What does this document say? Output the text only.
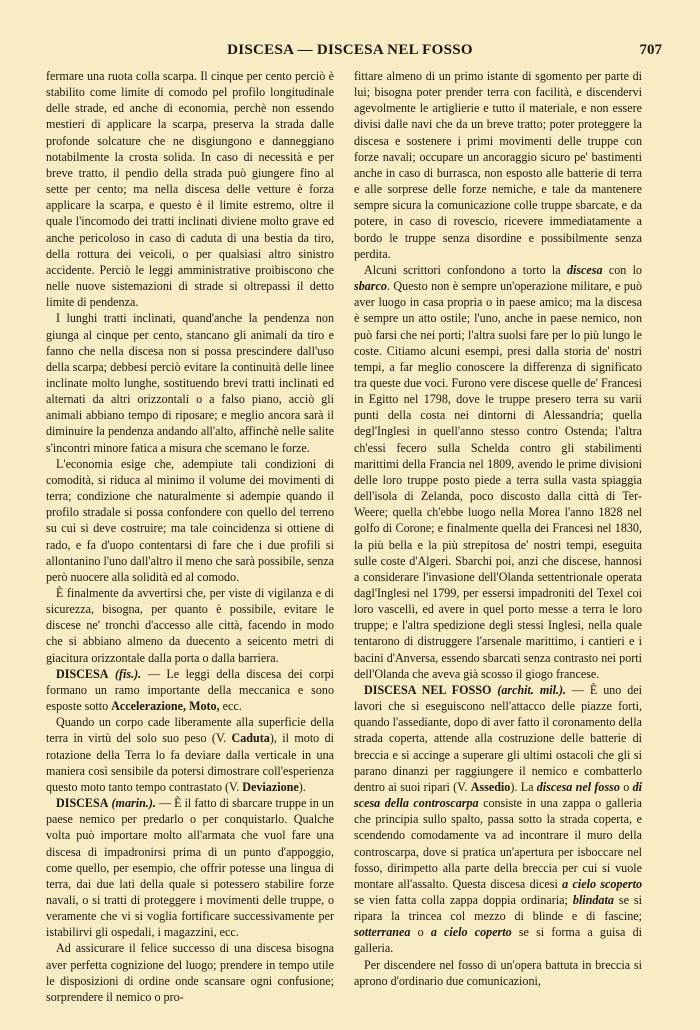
DISCESA — DISCESA NEL FOSSO	707

fermare una ruota colla scarpa. Il cinque per cento perciò è stabilito come limite di comodo pel profilo longitudinale delle strade, ed anche di economia, perchè non essendo mestieri di applicare la scarpa, preserva la strada dalle profonde solcature che ne disgiungono e danneggiano notabilmente la crosta solida. In caso di necessità e per breve tratto, il pendìo della strada può giungere fino al sette per cento; ma nella discesa delle vetture è forza applicare la scarpa, e questo è il limite estremo, oltre il quale l'incomodo dei tratti inclinati diviene molto grave ed anche pericoloso in caso di caduta di una bestia da tiro, della rottura dei veicoli, o per qualsiasi altro sinistro accidente. Perciò le leggi amministrative proibiscono che nelle nuove sistemazioni di strade si oltrepassi il detto limite di pendenza.

I lunghi tratti inclinati, quand'anche la pendenza non giunga al cinque per cento, stancano gli animali da tiro e fanno che nella discesa non si possa prescindere dall'uso della scarpa; debbesi perciò evitare la continuità delle linee inclinate molto lunghe, sostituendo brevi tratti inclinati ed alternati da altri orizzontali o a falso piano, acciò gli animali abbiano tempo di riposare; e meglio ancora sarà il diminuire la pendenza andando all'alto, affinchè nelle salite s'incontri minore fatica a misura che scemano le forze.

L'economia esige che, adempiute tali condizioni di comodità, si riduca al minimo il volume dei movimenti di terra; condizione che naturalmente si adempie quando il profilo stradale si possa confondere con quello del terreno su cui si deve costruire; ma tale coincidenza si ottiene di rado, e fa d'uopo contentarsi di fare che i due profili si allontanino l'uno dall'altro il meno che sarà possibile, senza però nuocere alla solidità ed al comodo.

È finalmente da avvertirsi che, per viste di vigilanza e di sicurezza, bisogna, per quanto è possibile, evitare le discese ne' tronchi d'accesso alle città, facendo in modo che si abbiano almeno da duecento a seicento metri di giacitura orizzontale dalla porta o dalla barriera.

DISCESA (fis.). — Le leggi della discesa dei corpi formano un ramo importante della meccanica e sono esposte sotto Accelerazione, Moto, ecc.

Quando un corpo cade liberamente alla superficie della terra in virtù del solo suo peso (V. Caduta), il moto di rotazione della Terra lo fa deviare dalla verticale in una maniera così sensibile da potersi dimostrare coll'esperienza questo moto tanto tempo contrastato (V. Deviazione).

DISCESA (marin.). — È il fatto di sbarcare truppe in un paese nemico per predarlo o per conquistarlo. Qualche volta può importare molto all'armata che vuol fare una discesa di impadronirsi prima di un punto d'appoggio, come quello, per esempio, che offrir potesse una lingua di terra, dai due lati della quale si potessero stabilire forze navali, o si tratti di proteggere i movimenti delle truppe, o veramente che vi si voglia fortificare successivamente per istabilirvi gli ospedali, i magazzini, ecc.

Ad assicurare il felice successo di una discesa bisogna aver perfetta cognizione del luogo; prendere in tempo utile le disposizioni di ordine onde scansare ogni confusione; sorprendere il nemico o pro-

fittare almeno di un primo istante di sgomento per parte di lui; bisogna poter prender terra con facilità, e discendervi agevolmente le artiglierie e tutto il materiale, e non essere divisi dalle navi che da un breve tratto; poter proteggere la discesa e sostenere i primi movimenti delle truppe con forze navali; occupare un ancoraggio sicuro pe' bastimenti anche in caso di burrasca, non esposto alle batterie di terra e alle sorprese delle forze nemiche, e tale da mantenere sempre sicura la comunicazione colle truppe sbarcate, e da potere, in caso di rovescio, ricevere immediatamente a bordo le truppe senza disordine e possibilmente senza perdita.

Alcuni scrittori confondono a torto la discesa con lo sbarco. Questo non è sempre un'operazione militare, e può aver luogo in casa propria o in paese amico; ma la discesa è sempre un atto ostile; l'uno, anche in paese nemico, non può farsi che nei porti; l'altra suolsi fare per lo più lungo le coste. Citiamo alcuni esempi, presi dalla storia de' nostri tempi, a far meglio conoscere la differenza di significato tra queste due voci. Furono vere discese quelle de' Francesi in Egitto nel 1798, dove le truppe presero terra su varii punti della costa nei dintorni di Alessandria; quella degl'Inglesi in quell'anno stesso contro Ostenda; l'altra ch'essi fecero sulla Schelda contro gli stabilimenti marittimi della Francia nel 1809, avendo le prime divisioni delle loro truppe posto piede a terra sulla vasta spiaggia dell'isola di Zelanda, poco discosto dalla città di Ter-Weere; quella ch'ebbe luogo nella Morea l'anno 1828 nel golfo di Corone; e finalmente quella dei Francesi nel 1830, la più bella e la più strepitosa de' nostri tempi, eseguita sulle coste d'Algeri. Sbarchi poi, anzi che discese, hannosi a considerare l'invasione dell'Olanda settentrionale operata dagl'Inglesi nel 1799, per essersi impadroniti del Texel coi loro vascelli, ed avere in quel porto messe a terra le loro truppe; e l'altra spedizione degli stessi Inglesi, nella quale tentarono di distruggere l'arsenale marittimo, i cantieri e i bacini d'Anversa, essendo sbarcati senza contrasto nei porti dell'Olanda che aveva già scosso il giogo francese.

DISCESA NEL FOSSO (archit. mil.). — È uno dei lavori che si eseguiscono nell'attacco delle piazze forti, quando l'assediante, dopo di aver fatto il coronamento della strada coperta, attende alla costruzione delle batterie di breccia e si accinge a superare gli ultimi ostacoli che gli si parano dinanzi per raggiungere il nemico e combatterlo dentro ai suoi ripari (V. Assedio). La discesa nel fosso o di scesa della controscarpa consiste in una zappa o galleria che principia sullo spalto, passa sotto la strada coperta, e scendendo comodamente va ad incontrare il muro della controscarpa, dove si pratica un'apertura per isboccare nel fosso, dirimpetto alla parte della breccia per cui si vuole montare all'assalto. Questa discesa dicesi a cielo scoperto se vien fatta colla zappa doppia ordinaria; blindata se si ripara la trincea col mezzo di blinde e di fascine; sotterranea o a cielo coperto se si forma a guisa di galleria.

Per discendere nel fosso di un'opera battuta in breccia si aprono d'ordinario due comunicazioni,
